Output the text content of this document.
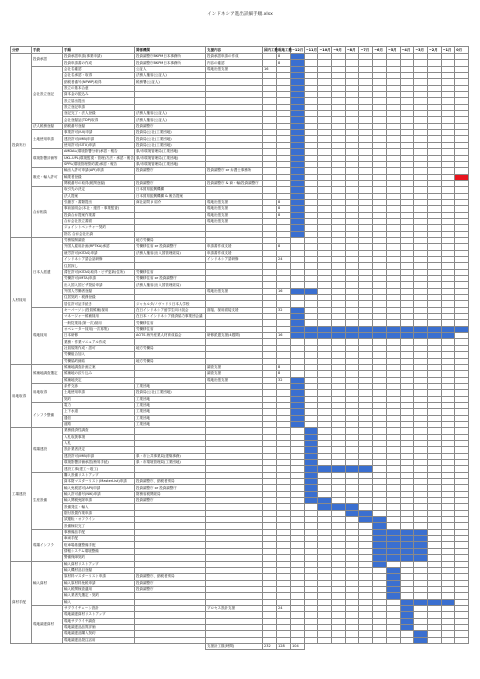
インドネシア進出詳細手順.xlsx
分野	手続	手順	関係機関	支援内容	国内工数	現地工数	~12月	~11月	~10月	~9月	~8月	~7月	~6月	~5月	~4月	~3月	~2月	~1月	0月
投資実行	投資承認	投資承認申請(事業申請)	投資調整庁BKPM日本事務所	投資承認申請の作成		8													
		投資申請書の作成	投資調整庁BKPM日本事務所	内容の確認		8													
	会社設立登記	会社名確認	公証人	現地出張支援	16														
		会社名承認・取得	法務人権省(公証人)																
		納税者番号(NPWP)取得	税務署(公証人)																
		設立の基本合意																	
		資本金の振込み																	
		設立届出提出																	
		設立登記申請																	
		登記完了・法人登録	法務人権省(公証人)																
		会社登録証(TDP)取得	法務人権省(公証人)																
	法人税務登録	納税番号登録	投資調整庁																
	土地使用申請	事業許可(IUI)申請	投資局(公社(工業団地)																
		建設許可(IMB)申請	投資局(公社(工業団地)																
		使用許可(SITU)申請	投資局(公社(工業団地)																
	環境影響評価等	AMDAL(環境影響分析)承認・報告	県/市環境管理局(工業団地)																
		UKL-UPL(環境監視・管理)方法・承認・報告	県/市環境管理局(工業団地)																
		SPPL(環境管理誓約書)承認・報告	県/市環境管理局(工業団地)																
	販売・輸入許可	輸出入許可申請(API)申請	投資調整庁	投資調整庁 or 弁護士事務所															
		輸業者登録																	
		関税番号の取得(税関登録)	投資調整庁	投資調整庁 & 商・輸/投資調整庁															
	合弁相談	取引先の決定	日本貿易振興機構																
		法人提案	日本貿易振興機構 & 報告提案																
		引継ぎ・書類提出	商社訪問 JI 紹介	現地出張支援		8													
		事前説明会(本社・運営・事業監査)		現地出張支援		8													
		投資合弁提案作業書		現地出張支援		8													
		合弁会社設立書面		現地出張支援															
		ジョイントベンチャー契約																	
		指名 合弁会社出資																	
人材採用	日本人派遣	労務規制調査	地方労働局																
		外国人雇用計画(RPTKA)承認	労働移住省 or 投資調整庁	申請書作成支援		8													
		就労許可(KITAS)申請	法務人権省(出入国管理総局)	申請書作成支援															
		インドネシア語会話研修		インドネシア語研修		24													
		住居探し																	
		滞在許可(KITAS)取得・ビザ更新(住所)	労働移住省																
		労働許可(IMTA)申請	労働移住省 or 投資調整庁																
		出入国入国ビザ発給申請	法務人権省(出入国管理総局)																
		外国人労働者登録		現地出張支援		16													
		住居契約・税務登録																	
		居住許可証手続き	ジャカルタ/ノヴァドリ日本人学校																
	現地採用	キーパーソン(役員候補)採用	在日インドネシア留学生向け説会	面接、採用面接支援		32													
		マネージャー候補採用	在日本・インドネシア経済協力事業団会議																
		一般従業員(第一次)採用	労働移住省																
		オペレーター採用(一次募集)	労働移住省																
		日本研修	AOTS 海外産業人材育成協会	研修派遣支援(4週間)		16													
		業務・作業マニュアル作成																	
		社員規則作成・認可	地方労働局																
		労働組合加入																	
		労働協約締結	地方労働局																
用地取得	候補地調査選定	候補地調査計画立案		調査支援		8													
		候補地の絞り込み		調査支援		8													
		候補地決定		現地出張支援		32													
	用地取得	条件交渉	工業団地																
		土地使用申請	投資局(公社(工業団地)																
		契約	工業団地																
	インフラ整備	電力	工業団地																
		上下水道	工業団地																
		通信	工業団地																
		道路	工業団地																
工場建設	現場建設	業務経済性調査																	
		入札取扱事項																	
		入札																	
		設計業者決定																	
		建設許可(IMB)申請	県・市公共事業局(建築事務)																
		環境影響評価承認(簡易手続)	県・市環境管理局(工業団地)																
		建設工事(建工〜竣工)																	
	生産設備	購入設備リストアップ																	
		資本財マスターリスト(MasterList)申請	投資調整庁、納税者別局																
		輸入免税認可(API)申請	投資調整庁 or 投資調整庁																
		輸入許可番号(NIK)申請	財務省税関総局																
		輸入関税免除申請	投資調整庁																
		設備発注・輸入																	
		据付設置作業申請																	
		試運転・オフライン																	
		設備検収完了																	
	現場インフラ	事務備品手配																	
		車両手配																	
		駐車場基盤整備手配																	
		情報システム環境整備																	
		警備保障契約																	
資材手配	輸入資材	輸入資材リストアップ																	
		輸入機材品目登録																	
		原材料マスターリスト申請	投資調整庁、納税者別局																
		輸入原材料免税申請	投資調整庁																
		輸入税関検査適用	投資調整庁																
		輸入業者先選定・契約																	
		輸入																	
	現地調達資材	サプライチェーン設計		プロセス設計支援		24													
		現地調達資材リストアップ																	
		現地サプライヤ調査																	
		現地調達品品質評価																	
		現地調達品購入契約																	
		現地調達品発注活用																	
				支援計工数(時間)	232	128	104												
